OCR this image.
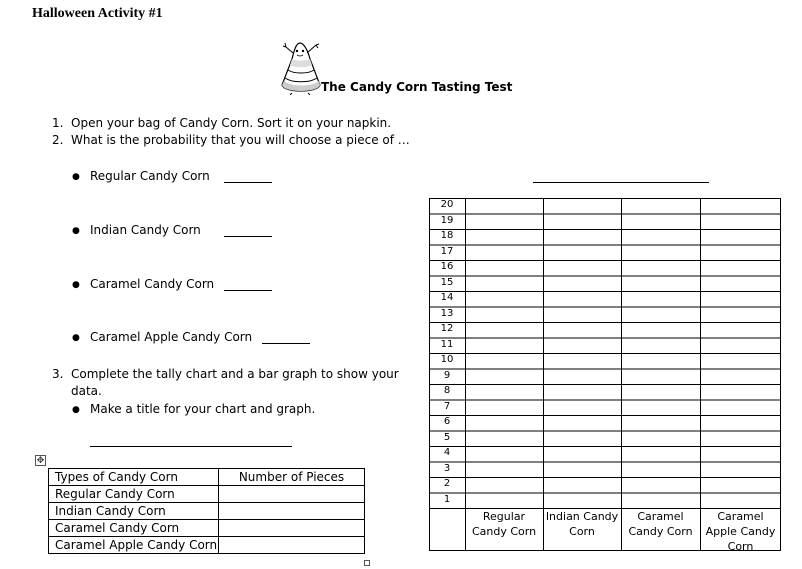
Halloween Activity #1
The Candy Corn Tasting Test
1. Open your bag of Candy Corn. Sort it on your napkin.
2. What is the probability that you will choose a piece of …
● Regular Candy Corn
● Indian Candy Corn
● Caramel Candy Corn
● Caramel Apple Candy Corn
3. Complete the tally chart and a bar graph to show your
data.
● Make a title for your chart and graph.
✥
Types of Candy Corn	Number of Pieces
Regular Candy Corn	
Indian Candy Corn	
Caramel Candy Corn	
Caramel Apple Candy Corn	
20
19
18
17
16
15
14
13
12
11
10
9
8
7
6
5
4
3
2
1
Regular
Candy Corn
Indian Candy
Corn
Caramel
Candy Corn
Caramel
Apple Candy
Corn
